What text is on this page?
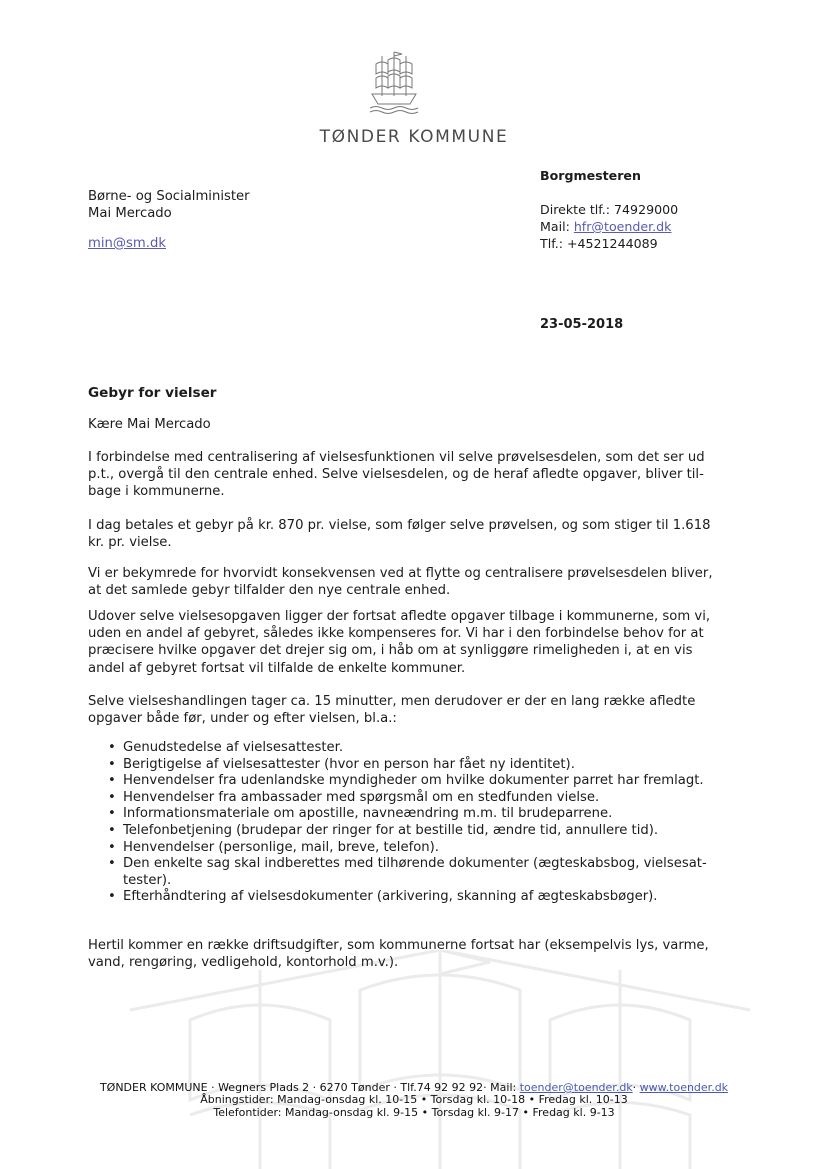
TØNDER KOMMUNE
Børne- og Socialminister
Mai Mercado
min@sm.dk
Borgmesteren
Direkte tlf.: 74929000
Mail: hfr@toender.dk
Tlf.: +4521244089
23-05-2018
Gebyr for vielser
Kære Mai Mercado
I forbindelse med centralisering af vielsesfunktionen vil selve prøvelsesdelen, som det ser ud
p.t., overgå til den centrale enhed. Selve vielsesdelen, og de heraf afledte opgaver, bliver til-
bage i kommunerne.
I dag betales et gebyr på kr. 870 pr. vielse, som følger selve prøvelsen, og som stiger til 1.618
kr. pr. vielse.
Vi er bekymrede for hvorvidt konsekvensen ved at flytte og centralisere prøvelsesdelen bliver,
at det samlede gebyr tilfalder den nye centrale enhed.
Udover selve vielsesopgaven ligger der fortsat afledte opgaver tilbage i kommunerne, som vi,
uden en andel af gebyret, således ikke kompenseres for. Vi har i den forbindelse behov for at
præcisere hvilke opgaver det drejer sig om, i håb om at synliggøre rimeligheden i, at en vis
andel af gebyret fortsat vil tilfalde de enkelte kommuner.
Selve vielseshandlingen tager ca. 15 minutter, men derudover er der en lang række afledte
opgaver både før, under og efter vielsen, bl.a.:
• Genudstedelse af vielsesattester.
• Berigtigelse af vielsesattester (hvor en person har fået ny identitet).
• Henvendelser fra udenlandske myndigheder om hvilke dokumenter parret har fremlagt.
• Henvendelser fra ambassader med spørgsmål om en stedfunden vielse.
• Informationsmateriale om apostille, navneændring m.m. til brudeparrene.
• Telefonbetjening (brudepar der ringer for at bestille tid, ændre tid, annullere tid).
• Henvendelser (personlige, mail, breve, telefon).
• Den enkelte sag skal indberettes med tilhørende dokumenter (ægteskabsbog, vielsesat-
tester).
• Efterhåndtering af vielsesdokumenter (arkivering, skanning af ægteskabsbøger).
Hertil kommer en række driftsudgifter, som kommunerne fortsat har (eksempelvis lys, varme,
vand, rengøring, vedligehold, kontorhold m.v.).
TØNDER KOMMUNE · Wegners Plads 2 · 6270 Tønder · Tlf.74 92 92 92· Mail: toender@toender.dk· www.toender.dk
Åbningstider: Mandag-onsdag kl. 10-15 • Torsdag kl. 10-18 • Fredag kl. 10-13
Telefontider: Mandag-onsdag kl. 9-15 • Torsdag kl. 9-17 • Fredag kl. 9-13
